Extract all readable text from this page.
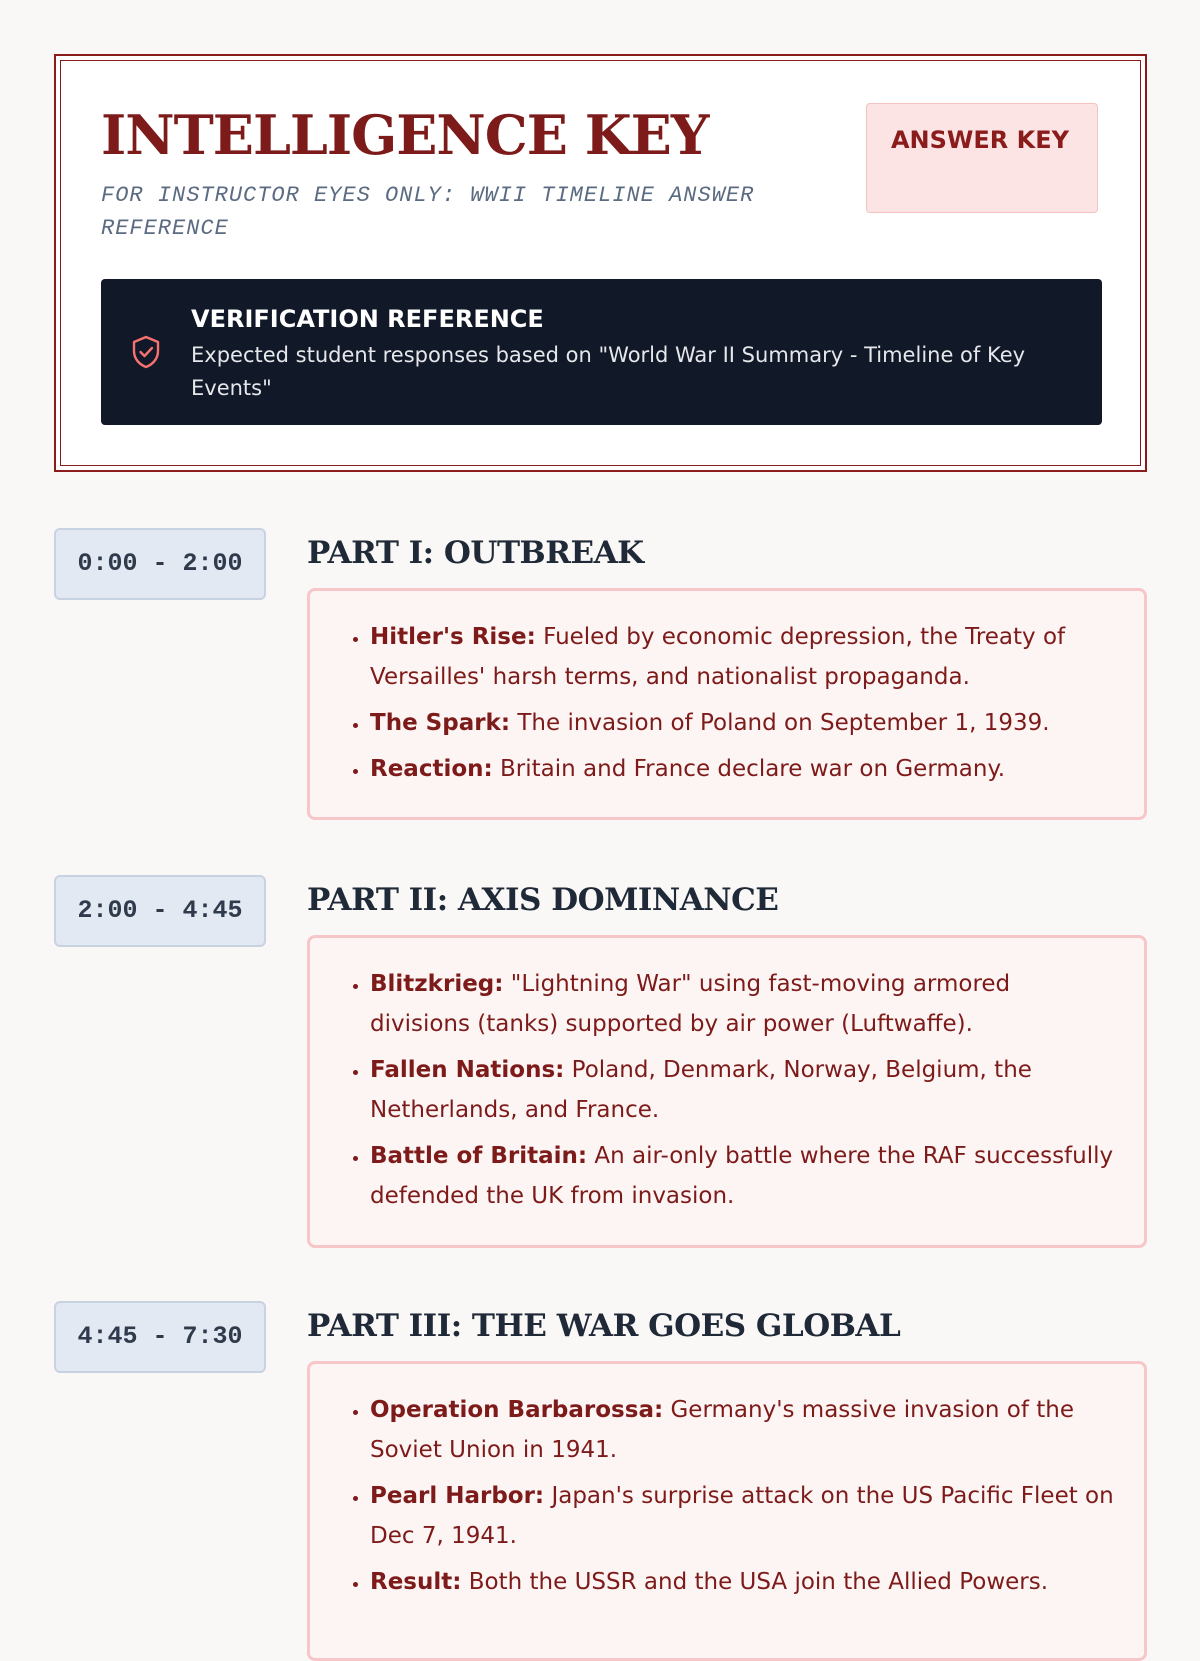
INTELLIGENCE KEY

FOR INSTRUCTOR EYES ONLY: WWII TIMELINE ANSWER REFERENCE

ANSWER KEY
VERIFICATION REFERENCE

Expected student responses based on "World War II Summary - Timeline of Key Events"

0:00 - 2:00	PART I: OUTBREAK
• Hitler's Rise: Fueled by economic depression, the Treaty of Versailles' harsh terms, and nationalist propaganda.
• The Spark: The invasion of Poland on September 1, 1939.
• Reaction: Britain and France declare war on Germany.
2:00 - 4:45	PART II: AXIS DOMINANCE
• Blitzkrieg: "Lightning War" using fast-moving armored divisions (tanks) supported by air power (Luftwaffe).
• Fallen Nations: Poland, Denmark, Norway, Belgium, the Netherlands, and France.
• Battle of Britain: An air-only battle where the RAF successfully defended the UK from invasion.
4:45 - 7:30	PART III: THE WAR GOES GLOBAL
• Operation Barbarossa: Germany's massive invasion of the Soviet Union in 1941.
• Pearl Harbor: Japan's surprise attack on the US Pacific Fleet on Dec 7, 1941.
• Result: Both the USSR and the USA join the Allied Powers.
